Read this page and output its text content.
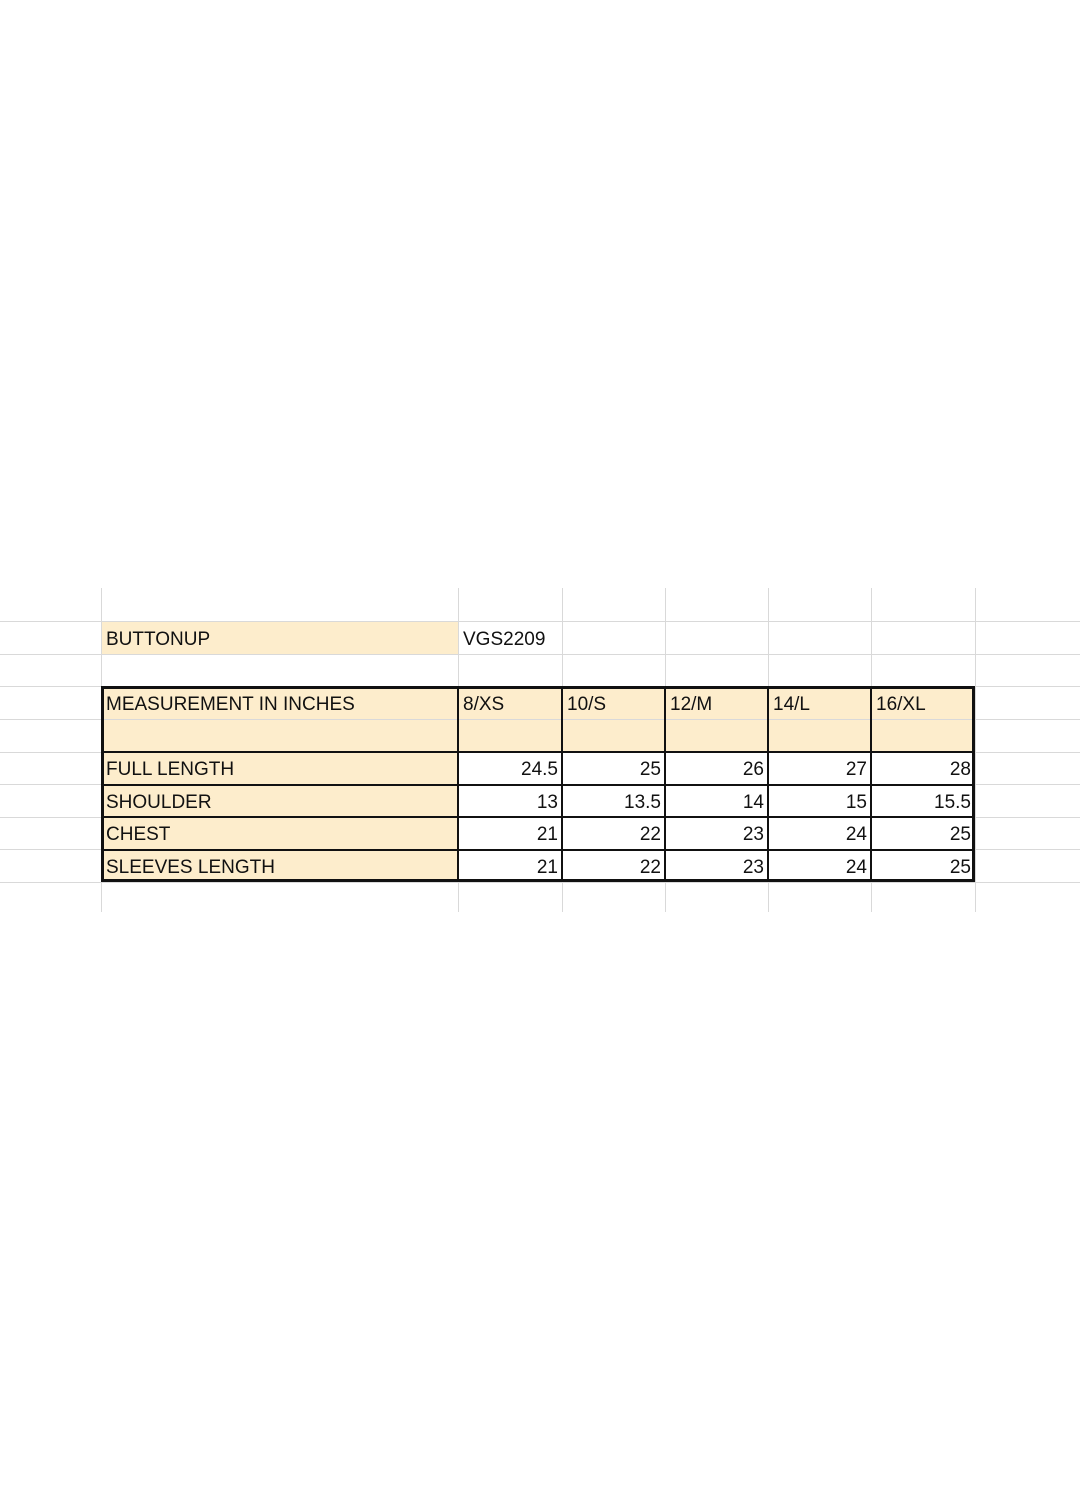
BUTTONUP	VGS2209
MEASUREMENT IN INCHES	8/XS	10/S	12/M	14/L	16/XL
FULL LENGTH	24.5	25	26	27	28
SHOULDER	13	13.5	14	15	15.5
CHEST	21	22	23	24	25
SLEEVES LENGTH	21	22	23	24	25
